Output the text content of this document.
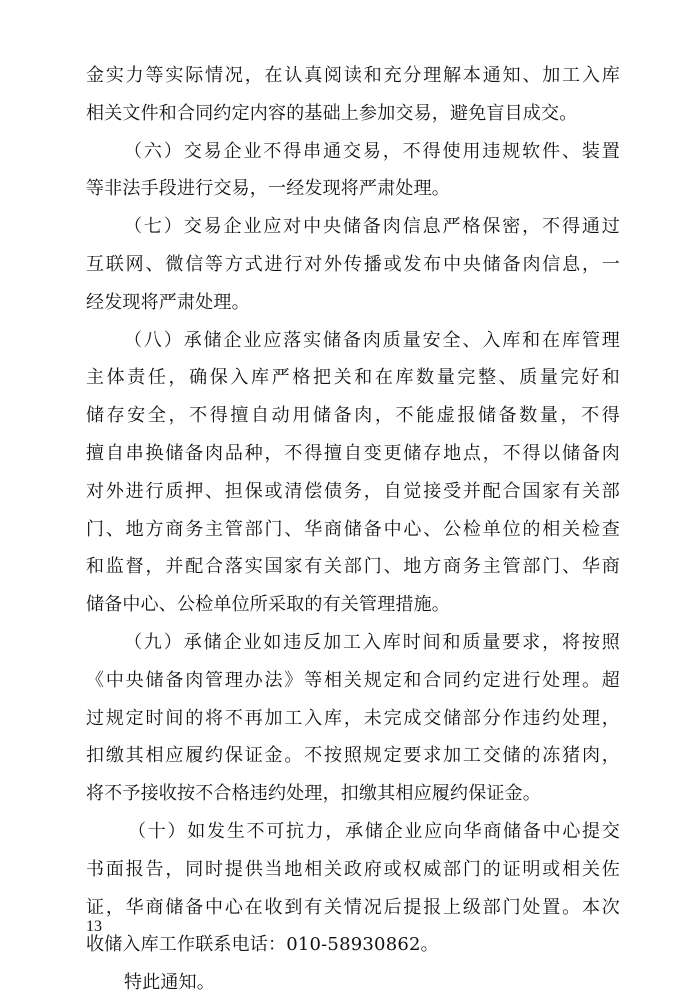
金实力等实际情况，在认真阅读和充分理解本通知、加工入库
相关文件和合同约定内容的基础上参加交易，避免盲目成交。
（六）交易企业不得串通交易，不得使用违规软件、装置
等非法手段进行交易，一经发现将严肃处理。
（七）交易企业应对中央储备肉信息严格保密，不得通过
互联网、微信等方式进行对外传播或发布中央储备肉信息，一
经发现将严肃处理。
（八）承储企业应落实储备肉质量安全、入库和在库管理
主体责任，确保入库严格把关和在库数量完整、质量完好和
储存安全，不得擅自动用储备肉，不能虚报储备数量，不得
擅自串换储备肉品种，不得擅自变更储存地点，不得以储备肉
对外进行质押、担保或清偿债务，自觉接受并配合国家有关部
门、地方商务主管部门、华商储备中心、公检单位的相关检查
和监督，并配合落实国家有关部门、地方商务主管部门、华商
储备中心、公检单位所采取的有关管理措施。
（九）承储企业如违反加工入库时间和质量要求，将按照
《中央储备肉管理办法》等相关规定和合同约定进行处理。超
过规定时间的将不再加工入库，未完成交储部分作违约处理，
扣缴其相应履约保证金。不按照规定要求加工交储的冻猪肉，
将不予接收按不合格违约处理，扣缴其相应履约保证金。
（十）如发生不可抗力，承储企业应向华商储备中心提交
书面报告，同时提供当地相关政府或权威部门的证明或相关佐
证，华商储备中心在收到有关情况后提报上级部门处置。本次
收储入库工作联系电话：010-58930862。
特此通知。
13
